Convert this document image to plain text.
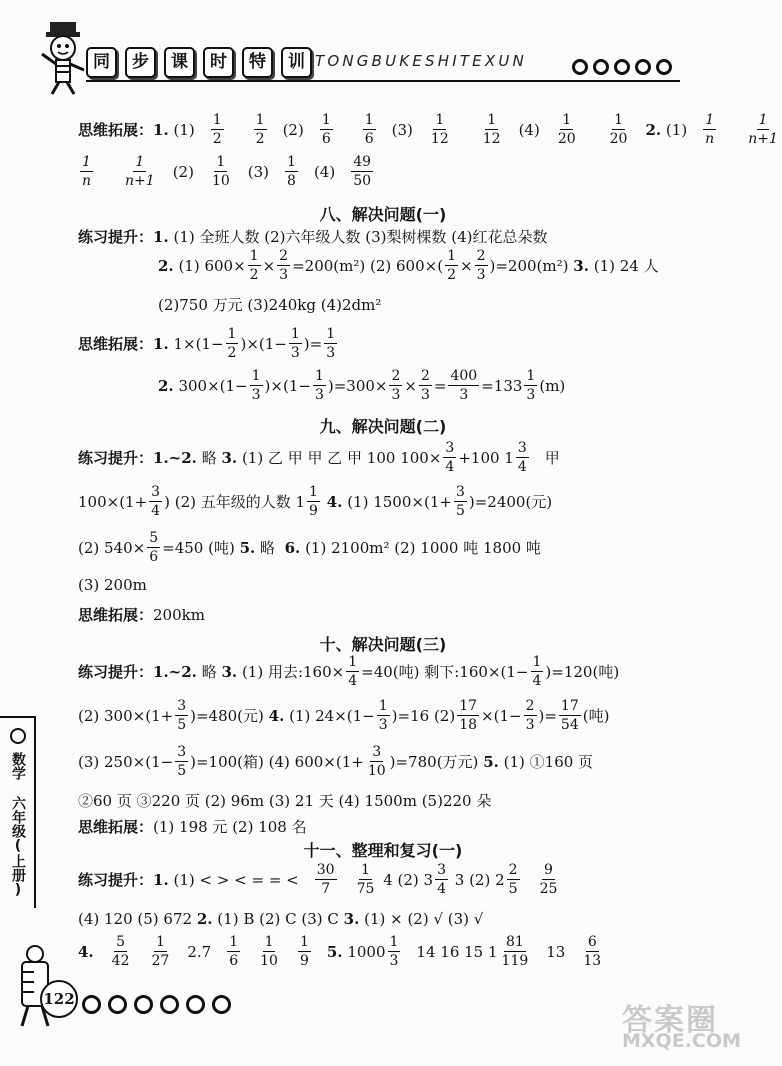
同	步	课	时	特	训 TONGBUKESHITEXUN
数学 六年级(上册)
思维拓展： 1.
$(1) \frac{1}{2} \frac{1}{2} (2) \frac{1}{6} \frac{1}{6} (3) \frac{1}{12} \frac{1}{12} (4) \frac{1}{20} \frac{1}{20} 2$.
$(1) \frac{1}{n} \frac{1}{n+1}$
$\frac{1}{n} \frac{1}{n+1} (2) \frac{1}{10} (3) \frac{1}{8} (4) \frac{49}{50}$
八、解决问题(一)
练习提升： 1.
(1) 全班人数 (2)六年级人数 (3)梨树棵数 (4)红花总朵数
2.
(1) $600\times \frac{1}{2} \times \frac{2}{3} =200(m^2)$ (2) $600\times( \frac{1}{2} \times \frac{2}{3} )=200(m^2)$
3.
(1) 24 人
(2)750 万元 (3)240kg (4)2dm²
思维拓展： 1.
$1\times(1- \frac{1}{2} )\times(1- \frac{1}{3}$ )= $\frac{1}{3}$
2.
$300\times(1- \frac{1}{3} )\times(1- \frac{1}{3} )=300\times \frac{2}{3} \times \frac{2}{3} = \frac{400}{3} =133 \frac{1}{3} (m)$
九、解决问题(二)
练习提升： 1.~2.
略
3.
(1) 乙 甲 甲 乙 甲 100 $100\times \frac{3}{4} +100$ $1 \frac{3}{4}$ 甲
$100\times(1+ \frac{3}{4}$ ) (2) 五年级的人数 $1 \frac{1}{9}$
4.
(1) $1500\times(1+ \frac{3}{5} )=2400$(元)
(2) $540\times \frac{5}{6} =450$ (吨)
5.
略
6.
(1) 2100m² (2) 1000 吨 1800 吨
(3) 200m
思维拓展： 200km
十、解决问题(三)
练习提升： 1.~2.
略
3.
(1) 用去:160× $\frac{1}{4} =40$(吨) 剩下:160×(1− $\frac{1}{4} )=120$(吨)
(2) $300\times(1+ \frac{3}{5} )=480$(元)
4.
(1) $24\times(1- \frac{1}{3} )=16$ $(2) \frac{17}{18} \times(1- \frac{2}{3}$ )= $\frac{17}{54}$ (吨)
(3) $250\times(1- \frac{3}{5} )=100$(箱) (4) $600\times(1+ \frac{3}{10} )=780$(万元)
5.
(1) ①160 页
②60 页 ③220 页 (2) 96m (3) 21 天 (4) 1500m (5)220 朵
思维拓展： (1) 198 元 (2) 108 名
十一、整理和复习(一)
练习提升： 1.
(1) < > < = = < $\frac{30}{7} \frac{1}{75}$
4 (2) $3 \frac{3}{4}$
3 (2) $2 \frac{2}{5} \frac{9}{25}$
(4) 120 (5) 672
2.
(1) B (2) C (3) C
3.
(1) × (2) √ (3) √
4. $\frac{5}{42} \frac{1}{27} 2.7 \frac{1}{6} \frac{1}{10} \frac{1}{9} 5$.
$1000 \frac{1}{3} 14$ 16 15 $1 \frac{81}{119} 13 \frac{6}{13}$
122
答案圈
MXQE.COM
